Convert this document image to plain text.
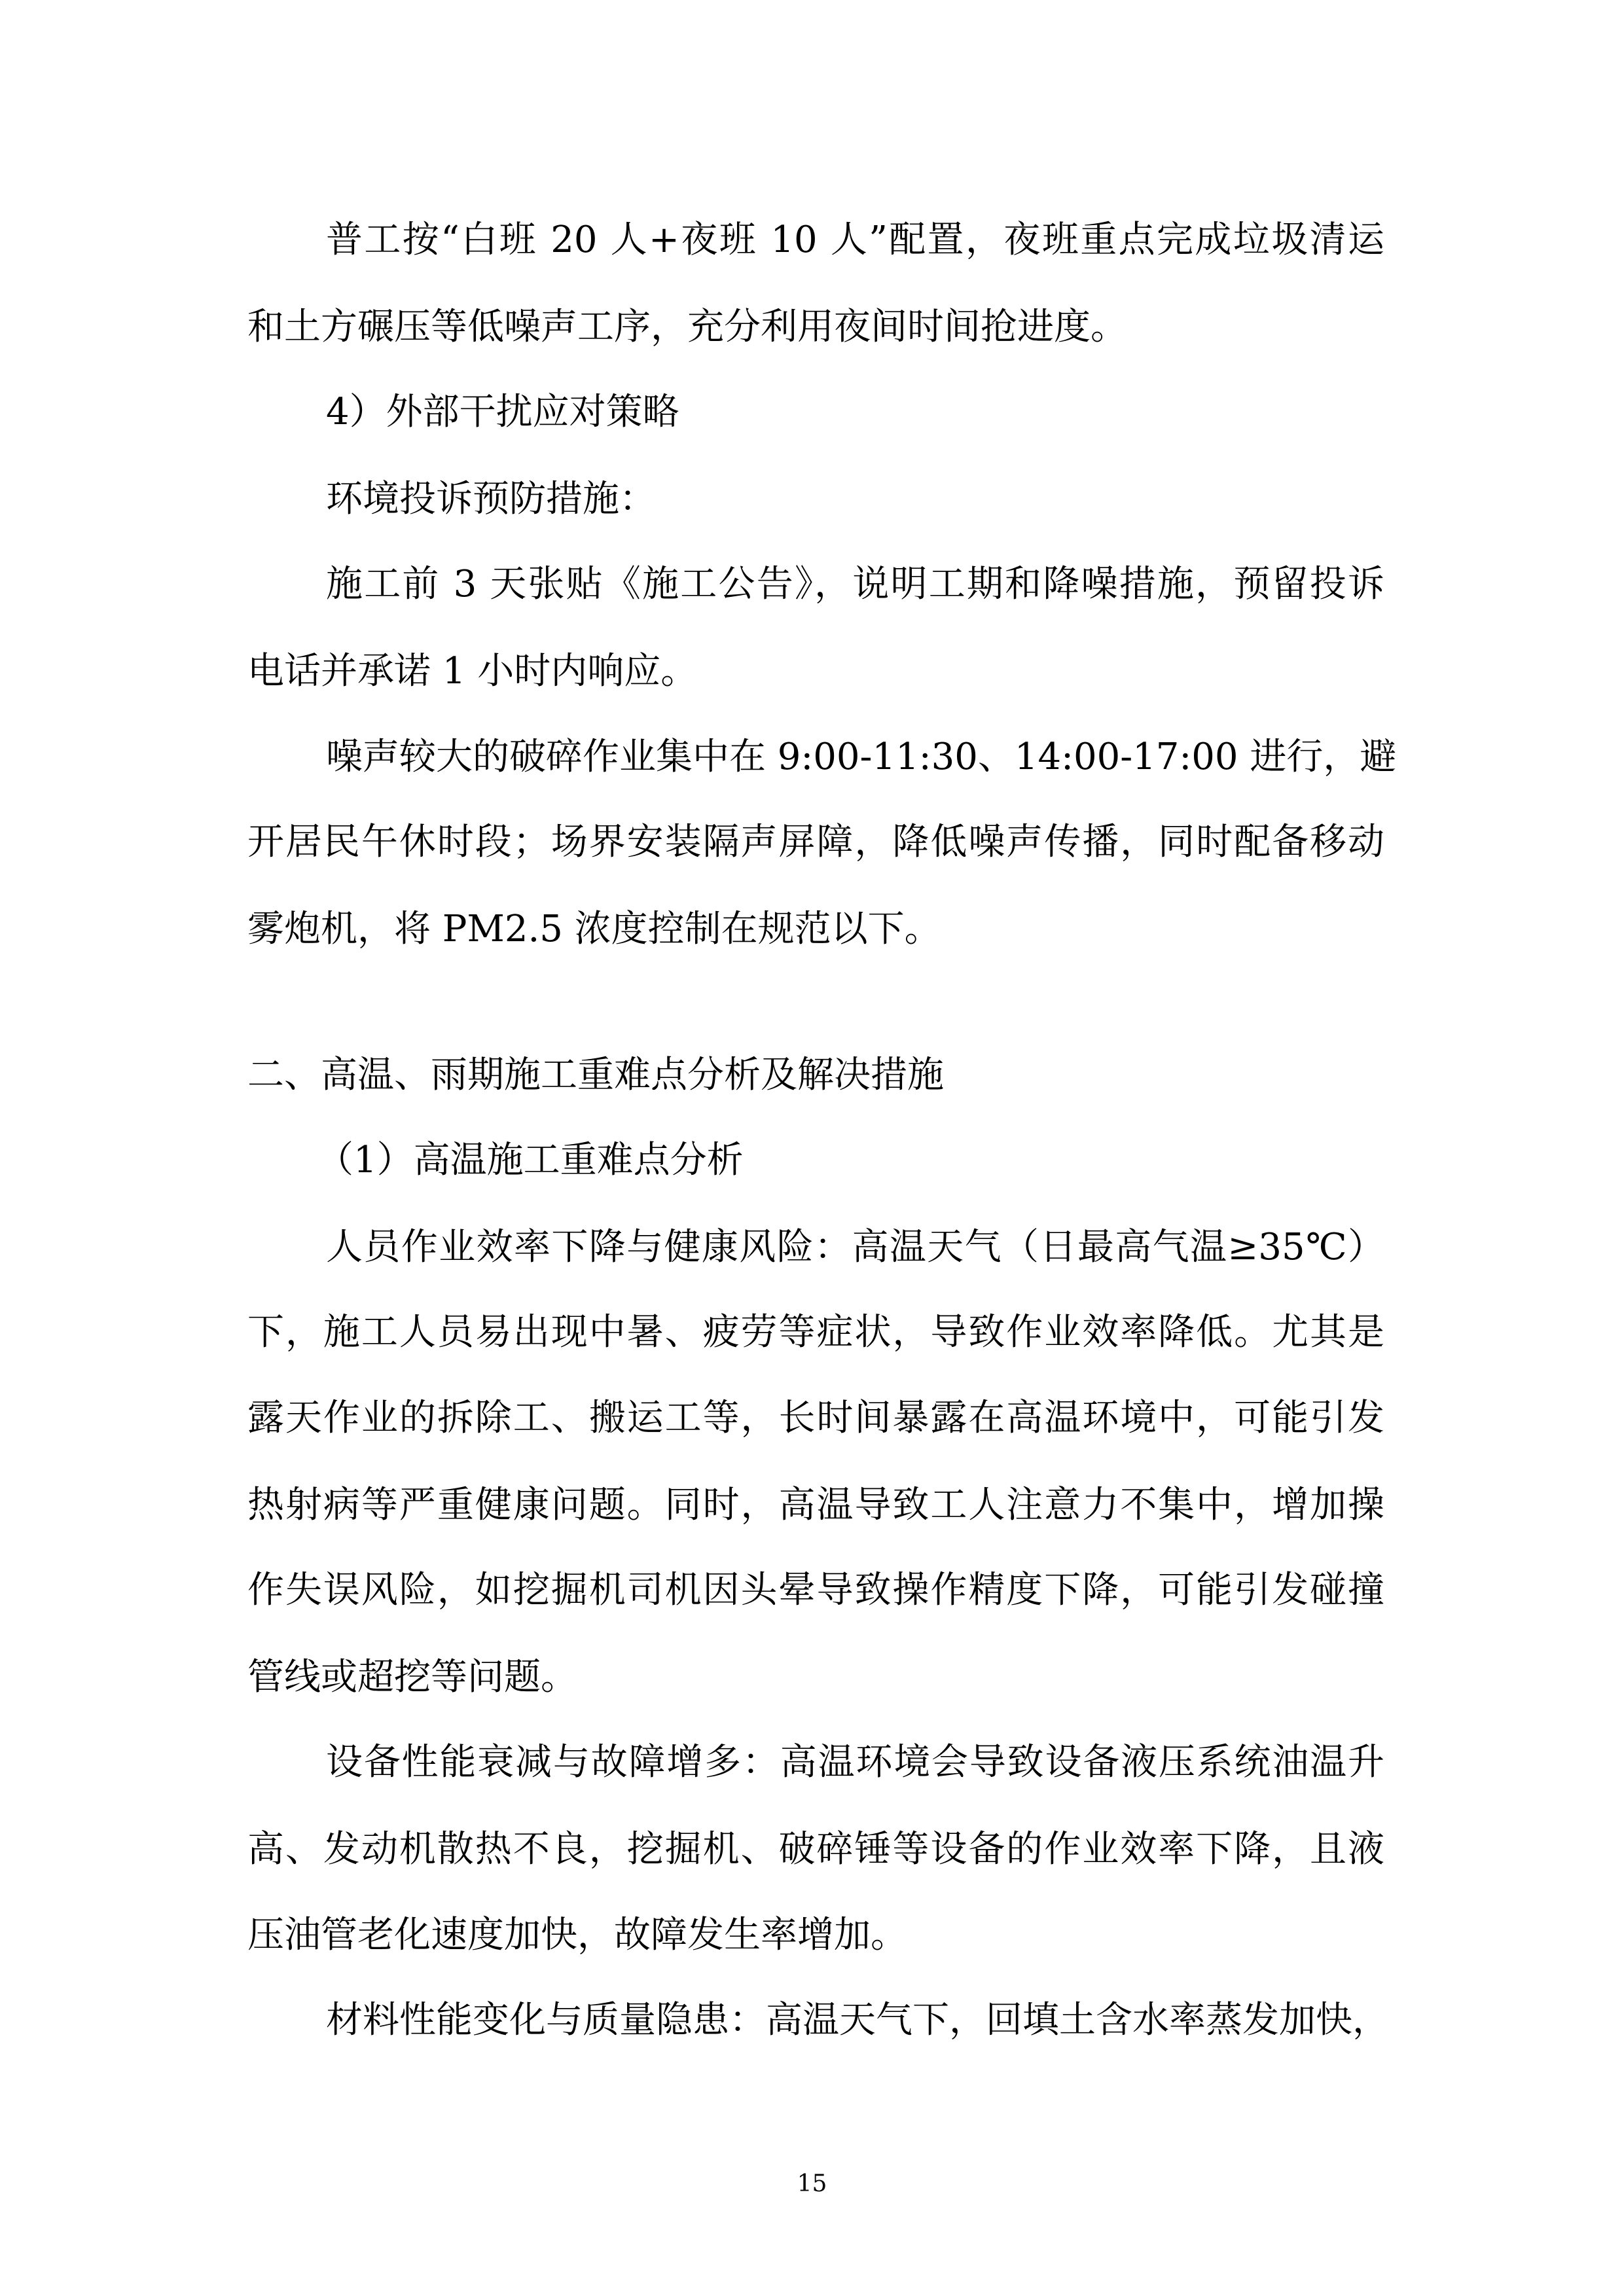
普工按“白班 20 人+夜班 10 人”配置，夜班重点完成垃圾清运
和土方碾压等低噪声工序，充分利用夜间时间抢进度。
4）外部干扰应对策略
环境投诉预防措施：
施工前 3 天张贴《施工公告》，说明工期和降噪措施，预留投诉
电话并承诺 1 小时内响应。
噪声较大的破碎作业集中在 9:00-11:30、14:00-17:00 进行，避
开居民午休时段；场界安装隔声屏障，降低噪声传播，同时配备移动
雾炮机，将 PM2.5 浓度控制在规范以下。
二、高温、雨期施工重难点分析及解决措施
（1）高温施工重难点分析
人员作业效率下降与健康风险：高温天气（日最高气温≥35℃）
下，施工人员易出现中暑、疲劳等症状，导致作业效率降低。尤其是
露天作业的拆除工、搬运工等，长时间暴露在高温环境中，可能引发
热射病等严重健康问题。同时，高温导致工人注意力不集中，增加操
作失误风险，如挖掘机司机因头晕导致操作精度下降，可能引发碰撞
管线或超挖等问题。
设备性能衰减与故障增多：高温环境会导致设备液压系统油温升
高、发动机散热不良，挖掘机、破碎锤等设备的作业效率下降，且液
压油管老化速度加快，故障发生率增加。
材料性能变化与质量隐患：高温天气下，回填土含水率蒸发加快，
15
